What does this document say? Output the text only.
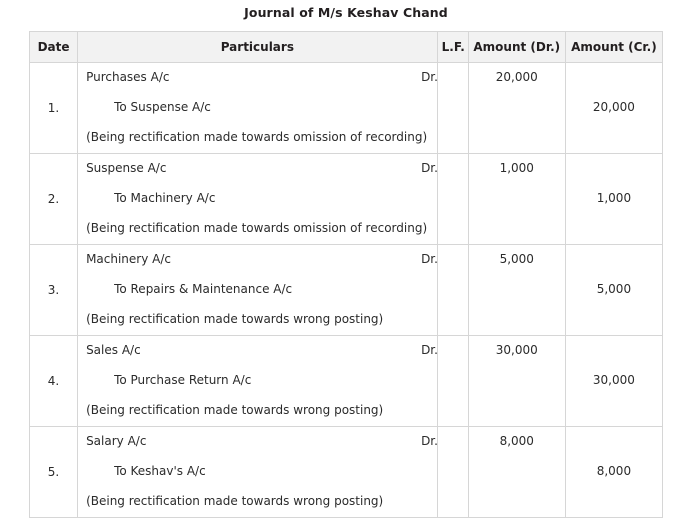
Journal of M/s Keshav Chand
Date	Particulars	L.F.	Amount (Dr.)	Amount (Cr.)
1.	Purchases A/c Dr.
To Suspense A/c
(Being rectification made towards omission of recording)		20,000	20,000

2.	Suspense A/c Dr.
To Machinery A/c
(Being rectification made towards omission of recording)		1,000	1,000

3.	Machinery A/c Dr.
To Repairs & Maintenance A/c
(Being rectification made towards wrong posting)		5,000	5,000

4.	Sales A/c Dr.
To Purchase Return A/c
(Being rectification made towards wrong posting)		30,000	30,000

5.	Salary A/c Dr.
To Keshav's A/c
(Being rectification made towards wrong posting)		8,000	8,000
